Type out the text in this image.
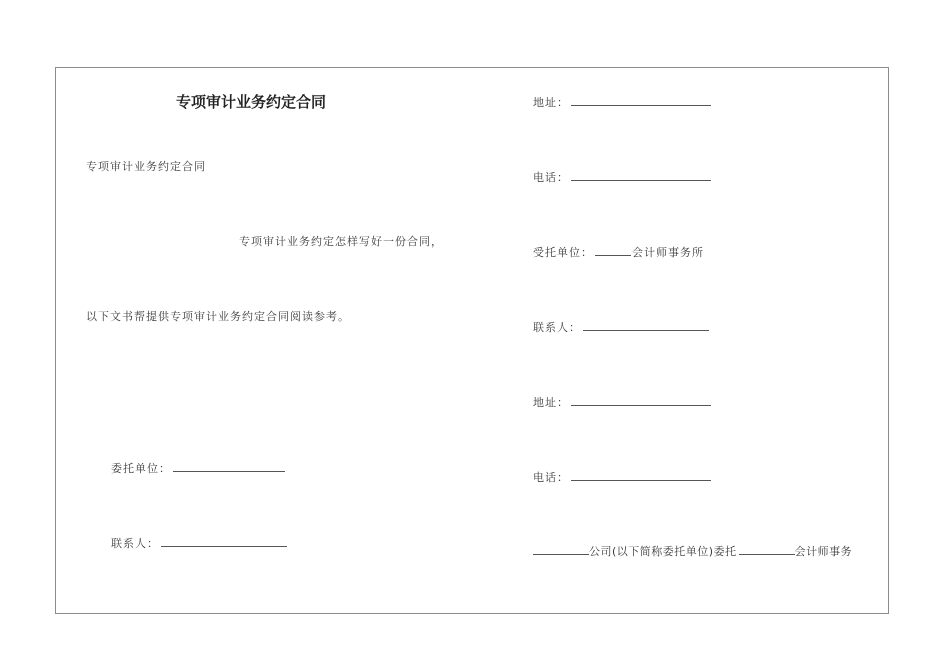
专项审计业务约定合同
专项审计业务约定合同
专项审计业务约定怎样写好一份合同，
以下文书帮提供专项审计业务约定合同阅读参考。
委托单位：
联系人：
地址：
电话：
受托单位：	会计师事务所
联系人：
地址：
电话：
公司(以下简称委托单位)委托	会计师事务
